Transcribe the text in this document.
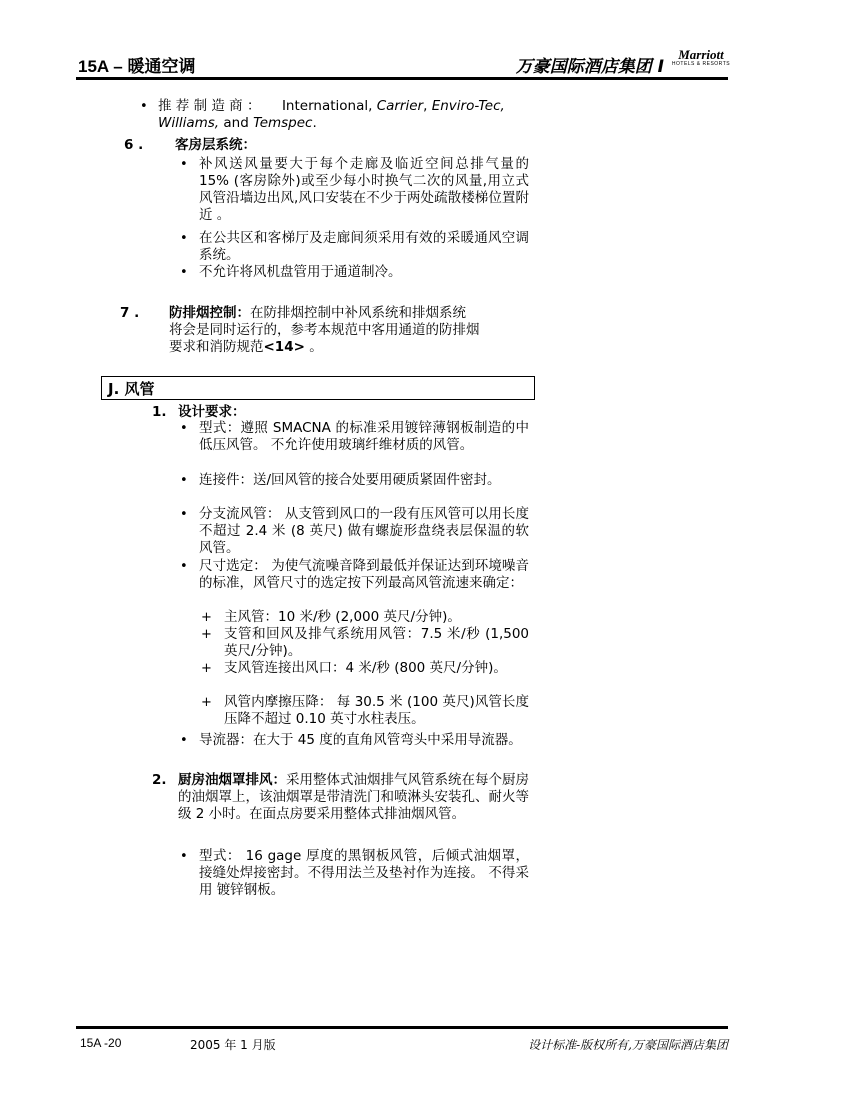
15A – 暖通空调	万豪国际酒店集团 I
Marriott
HOTELS & RESORTS
• 推 荐 制 造 商 ： International, Carrier, Enviro-Tec,
Williams, and Temspec.
6 . 客房层系统：
• 补风送风量要大于每个走廊及临近空间总排气量的 15% (客房除外)或至少每小时换气二次的风量,用立式风管沿墙边出风,风口安装在不少于两处疏散楼梯位置附近 。
• 在公共区和客梯厅及走廊间须采用有效的采暖通风空调系统。
• 不允许将风机盘管用于通道制冷。
7 . 防排烟控制：在防排烟控制中补风系统和排烟系统
将会是同时运行的，参考本规范中客用通道的防排烟
要求和消防规范<14> 。
J. 风管
1. 设计要求：
• 型式：遵照 SMACNA 的标准采用镀锌薄钢板制造的中低压风管。 不允许使用玻璃纤维材质的风管。
• 连接件：送/回风管的接合处要用硬质紧固件密封。
• 分支流风管： 从支管到风口的一段有压风管可以用长度不超过 2.4 米 (8 英尺) 做有螺旋形盘绕表层保温的软风管。
• 尺寸选定： 为使气流噪音降到最低并保证达到环境噪音的标准，风管尺寸的选定按下列最高风管流速来确定：
+ 主风管：10 米/秒 (2,000 英尺/分钟)。
+ 支管和回风及排气系统用风管：7.5 米/秒 (1,500 英尺/分钟)。
+ 支风管连接出风口：4 米/秒 (800 英尺/分钟)。
+ 风管内摩擦压降： 每 30.5 米 (100 英尺)风管长度压降不超过 0.10 英寸水柱表压。
• 导流器：在大于 45 度的直角风管弯头中采用导流器。
2. 厨房油烟罩排风：采用整体式油烟排气风管系统在每个厨房的油烟罩上，该油烟罩是带清洗门和喷淋头安装孔、耐火等级 2 小时。在面点房要采用整体式排油烟风管。
• 型式： 16 gage 厚度的黑钢板风管，后倾式油烟罩，接缝处焊接密封。不得用法兰及垫衬作为连接。 不得采用 镀锌钢板。
15A -20	2005 年 1 月版	设计标准-版权所有,万豪国际酒店集团
